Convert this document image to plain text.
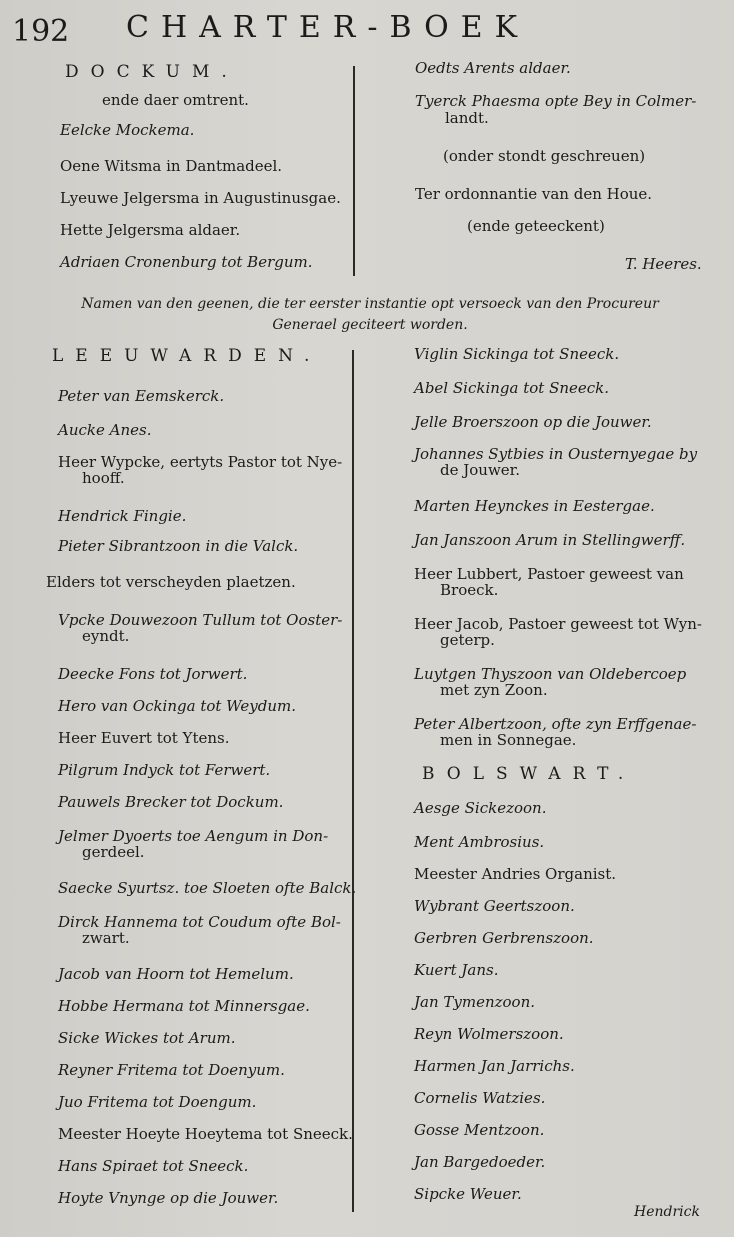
192 CHARTER-BOEK
DOCKUM.
ende daer omtrent.
Eelcke Mockema.
Oene Witsma in Dantmadeel.
Lyeuwe Jelgersma in Augustinusgae.
Hette Jelgersma aldaer.
Adriaen Cronenburg tot Bergum.
Oedts Arents aldaer.
Tyerck Phaesma opte Bey in Colmer-
landt.
(onder stondt geschreuen)
Ter ordonnantie van den Houe.
(ende geteeckent)
T. Heeres.
Namen van den geenen, die ter eerster instantie opt versoeck van den Procureur Generael geciteert worden.
LEEUWARDEN.
Peter van Eemskerck.
Aucke Anes.
Heer Wypcke, eertyts Pastor tot Nye-
hooff.
Hendrick Fingie.
Pieter Sibrantzoon in die Valck.
Elders tot verscheyden plaetzen.
Vpcke Douwezoon Tullum tot Ooster-
eyndt.
Deecke Fons tot Jorwert.
Hero van Ockinga tot Weydum.
Heer Euvert tot Ytens.
Pilgrum Indyck tot Ferwert.
Pauwels Brecker tot Dockum.
Jelmer Dyoerts toe Aengum in Don-
gerdeel.
Saecke Syurtsz. toe Sloeten ofte Balck.
Dirck Hannema tot Coudum ofte Bol-
zwart.
Jacob van Hoorn tot Hemelum.
Hobbe Hermana tot Minnersgae.
Sicke Wickes tot Arum.
Reyner Fritema tot Doenyum.
Juo Fritema tot Doengum.
Meester Hoeyte Hoeytema tot Sneeck.
Hans Spiraet tot Sneeck.
Hoyte Vnynge op die Jouwer.
Viglin Sickinga tot Sneeck.
Abel Sickinga tot Sneeck.
Jelle Broerszoon op die Jouwer.
Johannes Sytbies in Ousternyegae by
de Jouwer.
Marten Heynckes in Eestergae.
Jan Janszoon Arum in Stellingwerff.
Heer Lubbert, Pastoer geweest van
Broeck.
Heer Jacob, Pastoer geweest tot Wyn-
geterp.
Luytgen Thyszoon van Oldebercoep
met zyn Zoon.
Peter Albertzoon, ofte zyn Erffgenae-
men in Sonnegae.
BOLSWART.
Aesge Sickezoon.
Ment Ambrosius.
Meester Andries Organist.
Wybrant Geertszoon.
Gerbren Gerbrenszoon.
Kuert Jans.
Jan Tymenzoon.
Reyn Wolmerszoon.
Harmen Jan Jarrichs.
Cornelis Watzies.
Gosse Mentzoon.
Jan Bargedoeder.
Sipcke Weuer.
Hendrick
